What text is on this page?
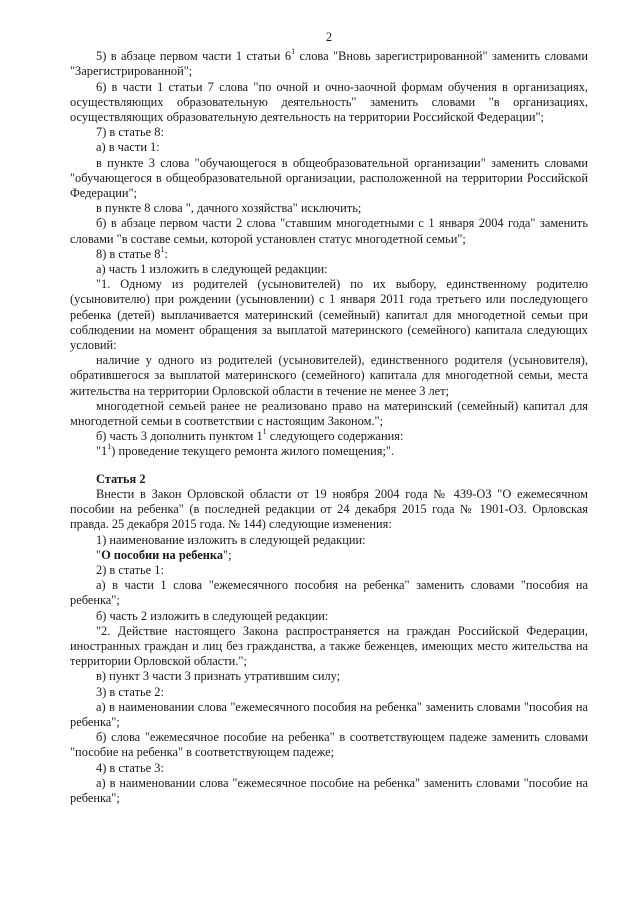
2

5) в абзаце первом части 1 статьи $6^1$ слова "Вновь зарегистрированной" заменить словами "Зарегистрированной";

6) в части 1 статьи 7 слова "по очной и очно-заочной формам обучения в организациях, осуществляющих образовательную деятельность" заменить словами "в организациях, осуществляющих образовательную деятельность на территории Российской Федерации";

7) в статье 8:

а) в части 1:

в пункте 3 слова "обучающегося в общеобразовательной организации" заменить словами "обучающегося в общеобразовательной организации, расположенной на территории Российской Федерации";

в пункте 8 слова ", дачного хозяйства" исключить;

б) в абзаце первом части 2 слова "ставшим многодетными с 1 января 2004 года" заменить словами "в составе семьи, которой установлен статус многодетной семьи";

8) в статье $8^1$:

а) часть 1 изложить в следующей редакции:

"1. Одному из родителей (усыновителей) по их выбору, единственному родителю (усыновителю) при рождении (усыновлении) с 1 января 2011 года третьего или последующего ребенка (детей) выплачивается материнский (семейный) капитал для многодетной семьи при соблюдении на момент обращения за выплатой материнского (семейного) капитала следующих условий:

наличие у одного из родителей (усыновителей), единственного родителя (усыновителя), обратившегося за выплатой материнского (семейного) капитала для многодетной семьи, места жительства на территории Орловской области в течение не менее 3 лет;

многодетной семьей ранее не реализовано право на материнский (семейный) капитал для многодетной семьи в соответствии с настоящим Законом.";

б) часть 3 дополнить пунктом $1^1$ следующего содержания:

"$1^1$) проведение текущего ремонта жилого помещения;".

Статья 2

Внести в Закон Орловской области от 19 ноября 2004 года № 439-ОЗ "О ежемесячном пособии на ребенка" (в последней редакции от 24 декабря 2015 года № 1901-ОЗ. Орловская правда. 25 декабря 2015 года. № 144) следующие изменения:

1) наименование изложить в следующей редакции:

"О пособии на ребенка";

2) в статье 1:

а) в части 1 слова "ежемесячного пособия на ребенка" заменить словами "пособия на ребенка";

б) часть 2 изложить в следующей редакции:

"2. Действие настоящего Закона распространяется на граждан Российской Федерации, иностранных граждан и лиц без гражданства, а также беженцев, имеющих место жительства на территории Орловской области.";

в) пункт 3 части 3 признать утратившим силу;

3) в статье 2:

а) в наименовании слова "ежемесячного пособия на ребенка" заменить словами "пособия на ребенка";

б) слова "ежемесячное пособие на ребенка" в соответствующем падеже заменить словами "пособие на ребенка" в соответствующем падеже;

4) в статье 3:

а) в наименовании слова "ежемесячное пособие на ребенка" заменить словами "пособие на ребенка";
